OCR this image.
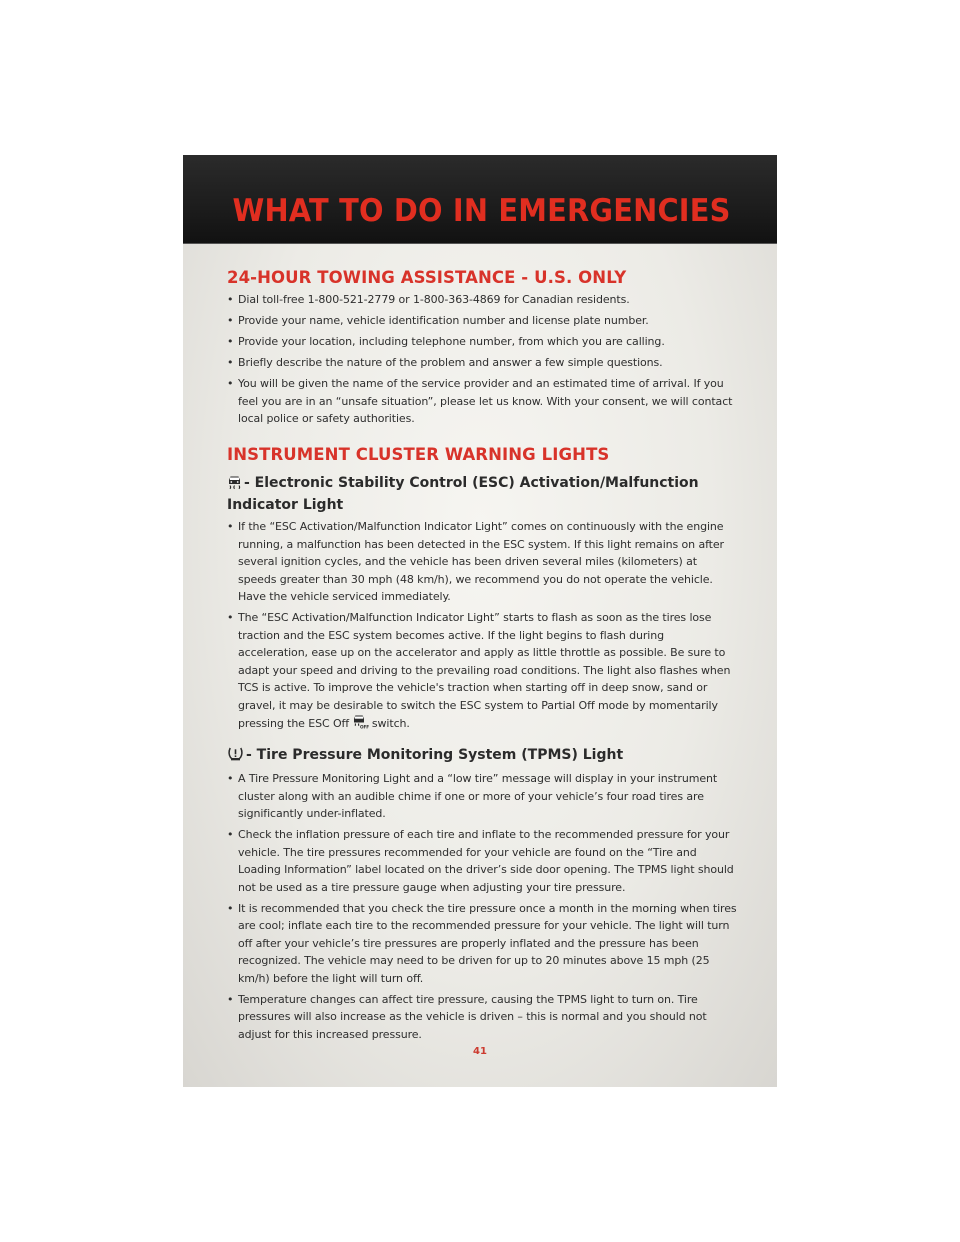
WHAT TO DO IN EMERGENCIES
24-HOUR TOWING ASSISTANCE - U.S. ONLY
• Dial toll-free 1-800-521-2779 or 1-800-363-4869 for Canadian residents.
• Provide your name, vehicle identification number and license plate number.
• Provide your location, including telephone number, from which you are calling.
• Briefly describe the nature of the problem and answer a few simple questions.
• You will be given the name of the service provider and an estimated time of arrival. If you feel you are in an “unsafe situation”, please let us know. With your consent, we will contact local police or safety authorities.
INSTRUMENT CLUSTER WARNING LIGHTS
- Electronic Stability Control (ESC) Activation/Malfunction Indicator Light
• If the “ESC Activation/Malfunction Indicator Light” comes on continuously with the engine running, a malfunction has been detected in the ESC system. If this light remains on after several ignition cycles, and the vehicle has been driven several miles (kilometers) at speeds greater than 30 mph (48 km/h), we recommend you do not operate the vehicle. Have the vehicle serviced immediately.
• The “ESC Activation/Malfunction Indicator Light” starts to flash as soon as the tires lose traction and the ESC system becomes active. If the light begins to flash during acceleration, ease up on the accelerator and apply as little throttle as possible. Be sure to adapt your speed and driving to the prevailing road conditions. The light also flashes when TCS is active. To improve the vehicle's traction when starting off in deep snow, sand or gravel, it may be desirable to switch the ESC system to Partial Off mode by momentarily pressing the ESC Off	OFF switch.
- Tire Pressure Monitoring System (TPMS) Light
• A Tire Pressure Monitoring Light and a “low tire” message will display in your instrument cluster along with an audible chime if one or more of your vehicle’s four road tires are significantly under-inflated.
• Check the inflation pressure of each tire and inflate to the recommended pressure for your vehicle. The tire pressures recommended for your vehicle are found on the “Tire and Loading Information” label located on the driver’s side door opening. The TPMS light should not be used as a tire pressure gauge when adjusting your tire pressure.
• It is recommended that you check the tire pressure once a month in the morning when tires are cool; inflate each tire to the recommended pressure for your vehicle. The light will turn off after your vehicle’s tire pressures are properly inflated and the pressure has been recognized. The vehicle may need to be driven for up to 20 minutes above 15 mph (25 km/h) before the light will turn off.
• Temperature changes can affect tire pressure, causing the TPMS light to turn on. Tire pressures will also increase as the vehicle is driven – this is normal and you should not adjust for this increased pressure.
41
